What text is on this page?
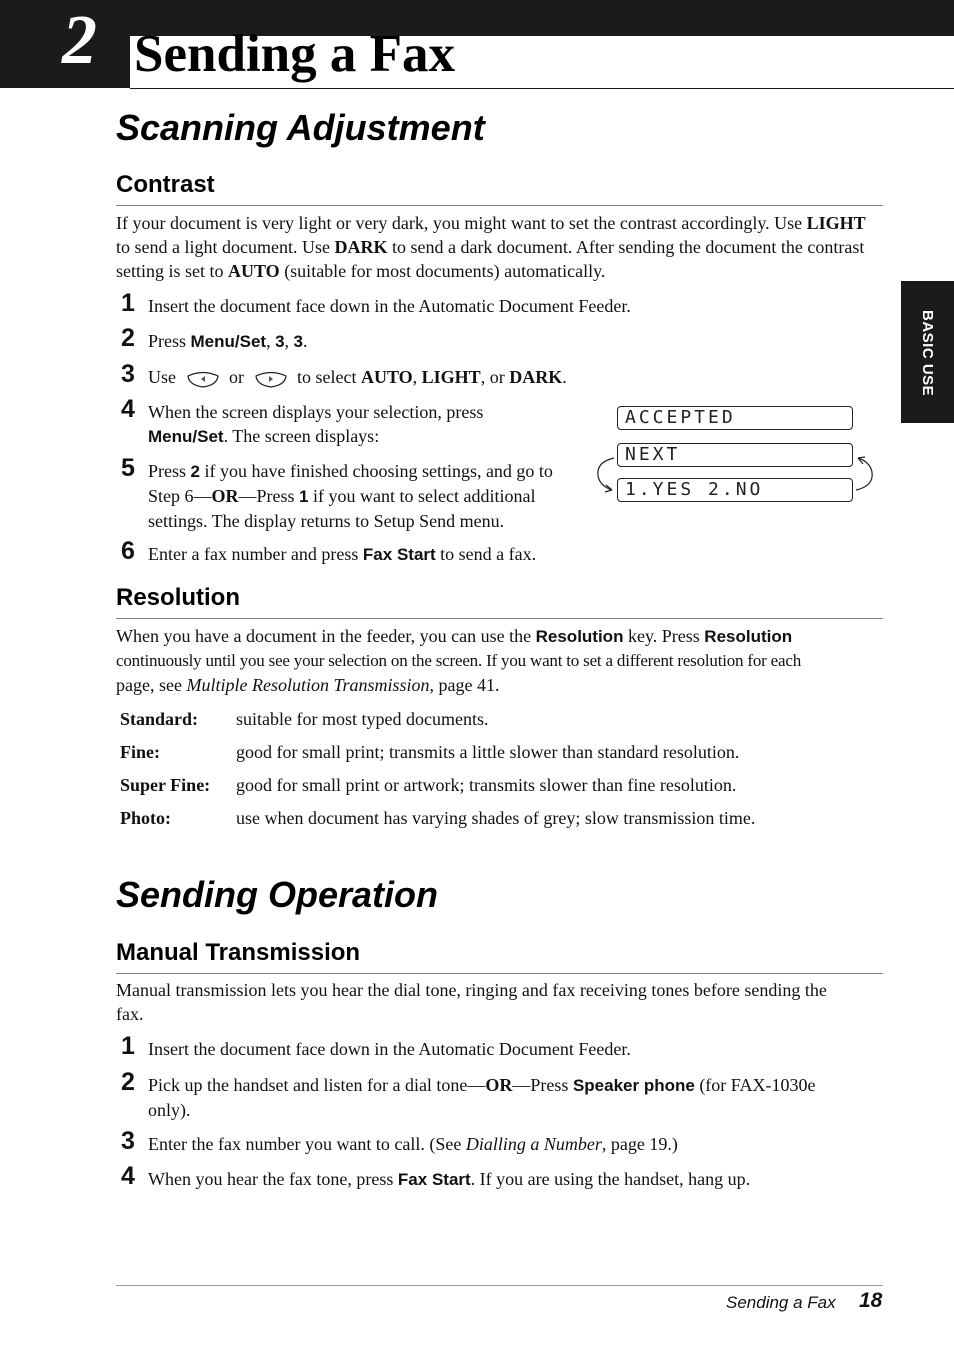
2 Sending a Fax
BASIC USE
Scanning Adjustment
Contrast
If your document is very light or very dark, you might want to set the contrast accordingly. Use LIGHT to send a light document. Use DARK to send a dark document. After sending the document the contrast setting is set to AUTO (suitable for most documents) automatically.
1 Insert the document face down in the Automatic Document Feeder.
2 Press Menu/Set, 3, 3.
3 Use  or  to select AUTO, LIGHT, or DARK.
4 When the screen displays your selection, press
Menu/Set. The screen displays:
5 Press 2 if you have finished choosing settings, and go to
Step 6—OR—Press 1 if you want to select additional
settings. The display returns to Setup Send menu.
6 Enter a fax number and press Fax Start to send a fax.
ACCEPTED
NEXT
1.YES 2.NO
Resolution
When you have a document in the feeder, you can use the Resolution key. Press Resolution
continuously until you see your selection on the screen. If you want to set a different resolution for each
page, see Multiple Resolution Transmission, page 41.
Standard: suitable for most typed documents.
Fine:	good for small print; transmits a little slower than standard resolution.
Super Fine: good for small print or artwork; transmits slower than fine resolution.
Photo:	use when document has varying shades of grey; slow transmission time.
Sending Operation
Manual Transmission
Manual transmission lets you hear the dial tone, ringing and fax receiving tones before sending the
fax.
1 Insert the document face down in the Automatic Document Feeder.
2 Pick up the handset and listen for a dial tone—OR—Press Speaker phone (for FAX-1030e
only).
3 Enter the fax number you want to call. (See Dialling a Number, page 19.)
4 When you hear the fax tone, press Fax Start. If you are using the handset, hang up.
Sending a Fax 18
